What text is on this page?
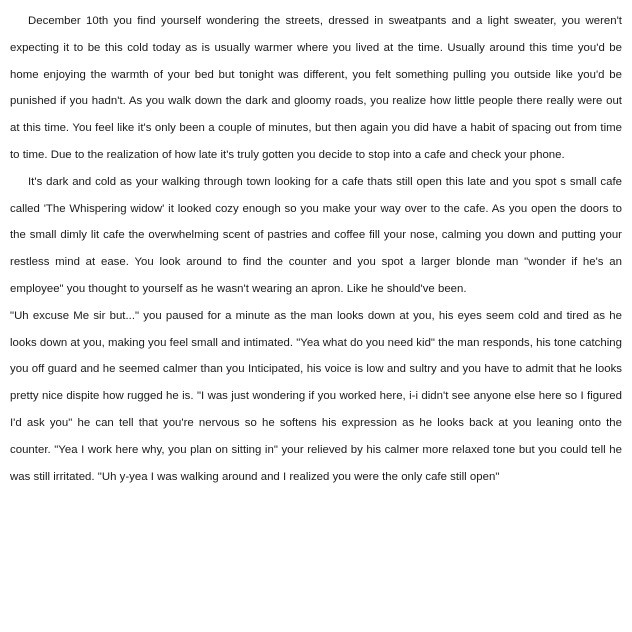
December 10th you find yourself wondering the streets, dressed in sweatpants and a light sweater, you weren't expecting it to be this cold today as is usually warmer where you lived at the time. Usually around this time you'd be home enjoying the warmth of your bed but tonight was different, you felt something pulling you outside like you'd be punished if you hadn't. As you walk down the dark and gloomy roads, you realize how little people there really were out at this time. You feel like it's only been a couple of minutes, but then again you did have a habit of spacing out from time to time. Due to the realization of how late it's truly gotten you decide to stop into a cafe and check your phone.

It's dark and cold as your walking through town looking for a cafe thats still open this late and you spot s small cafe called 'The Whispering widow' it looked cozy enough so you make your way over to the cafe. As you open the doors to the small dimly lit cafe the overwhelming scent of pastries and coffee fill your nose, calming you down and putting your restless mind at ease. You look around to find the counter and you spot a larger blonde man "wonder if he's an employee" you thought to yourself as he wasn't wearing an apron. Like he should've been.

"Uh excuse Me sir but..." you paused for a minute as the man looks down at you, his eyes seem cold and tired as he looks down at you, making you feel small and intimated. "Yea what do you need kid" the man responds, his tone catching you off guard and he seemed calmer than you Inticipated, his voice is low and sultry and you have to admit that he looks pretty nice dispite how rugged he is. "I was just wondering if you worked here, i-i didn't see anyone else here so I figured I'd ask you" he can tell that you're nervous so he softens his expression as he looks back at you leaning onto the counter. "Yea I work here why, you plan on sitting in" your relieved by his calmer more relaxed tone but you could tell he was still irritated. "Uh y-yea I was walking around and I realized you were the only cafe still open"
